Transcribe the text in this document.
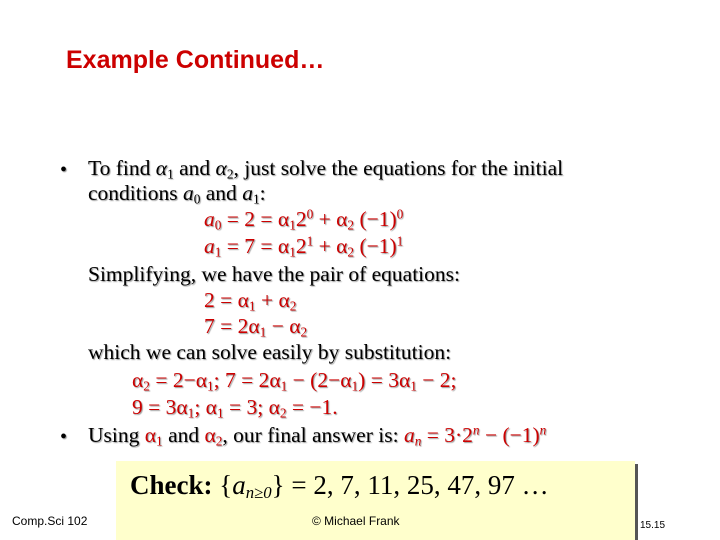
Example Continued…
• To find $\alpha_1$ and $\alpha_2$, just solve the equations for the initial
conditions $a_0$ and $a_1$:
$a_0 = 2 = \alpha_12^0 + \alpha_2$ $(-1)^0$
$a_1 = 7 = \alpha_12^1 + \alpha_2$ $(-1)^1$
Simplifying, we have the pair of equations:
$2 = \alpha_1 + \alpha_2$
$7 = 2\alpha_1 - \alpha_2$
which we can solve easily by substitution:
$\alpha_2 = 2-\alpha_1$; $7 = 2\alpha_1 - (2-\alpha_1) = 3\alpha_1 - 2$;
$9 = 3\alpha_1$; $\alpha_1 = 3$; $\alpha_2 = -1$.
• Using $\alpha_1$ and $\alpha_2$, our final answer is: $a_n = 3\cdot 2^n - (-1)^n$
Check: $\{a_{n\ge 0}\} = 2$, 7, 11, 25, 47, 97 …
Comp.Sci 102	© Michael Frank	15.15
